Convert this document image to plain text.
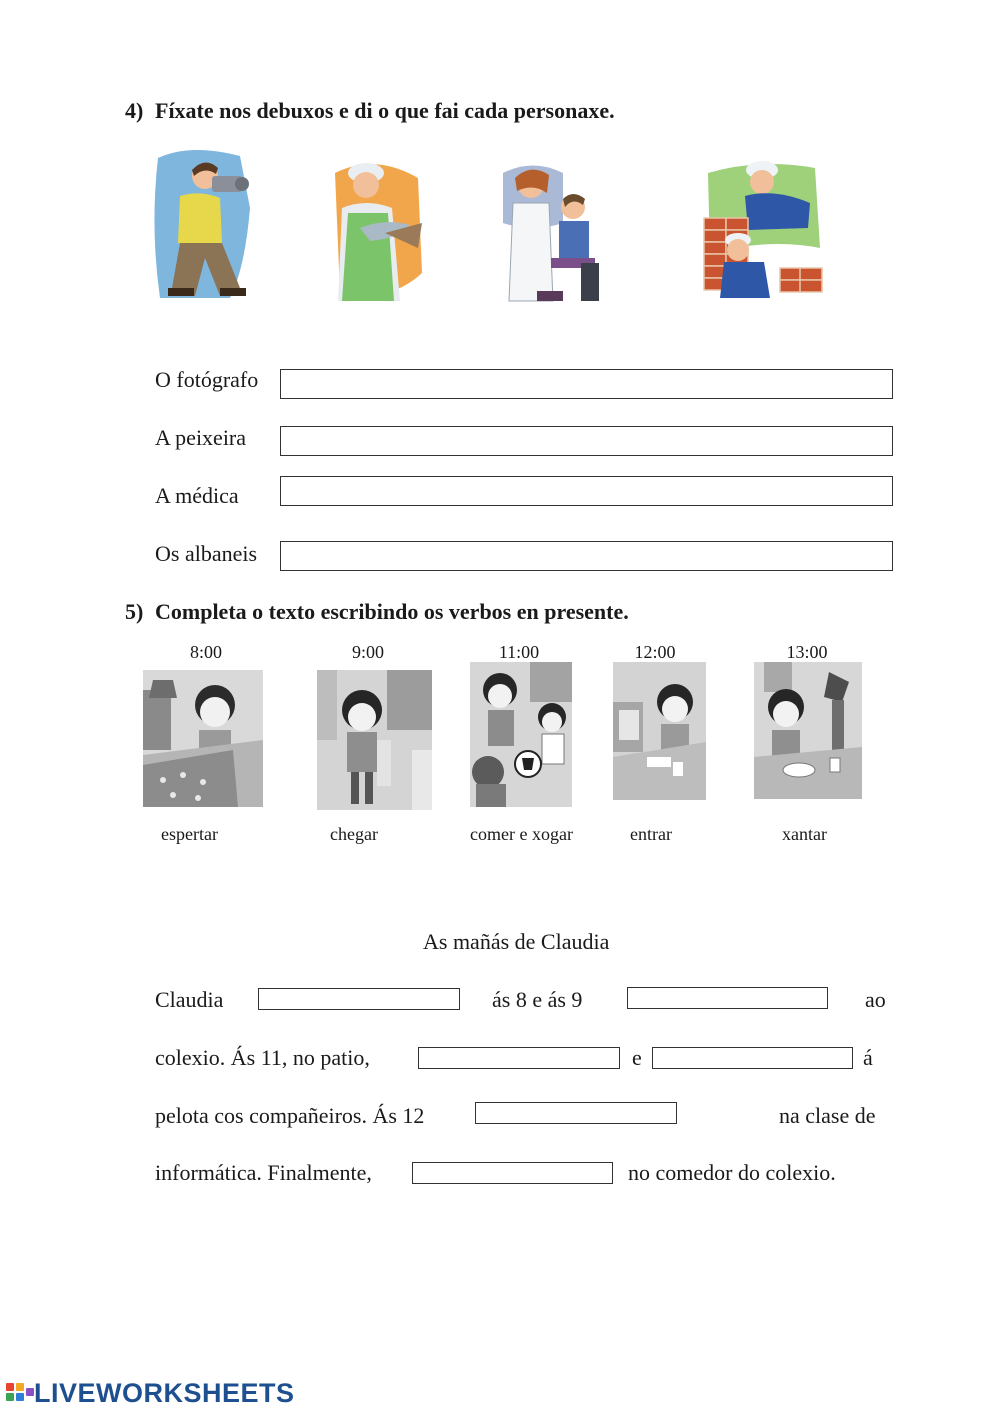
4) Fíxate nos debuxos e di o que fai cada personaxe.
O fotógrafo
A peixeira
A médica
Os albaneis
5) Completa o texto escribindo os verbos en presente.
8:00	9:00	11:00	12:00	13:00
espertar	chegar	comer e xogar	entrar	xantar
As mañás de Claudia
Claudia	ás 8 e ás 9	ao
colexio. Ás 11, no patio,	e	á
pelota cos compañeiros. Ás 12	na clase de
informática. Finalmente,	no comedor do colexio.
LIVEWORKSHEETS
